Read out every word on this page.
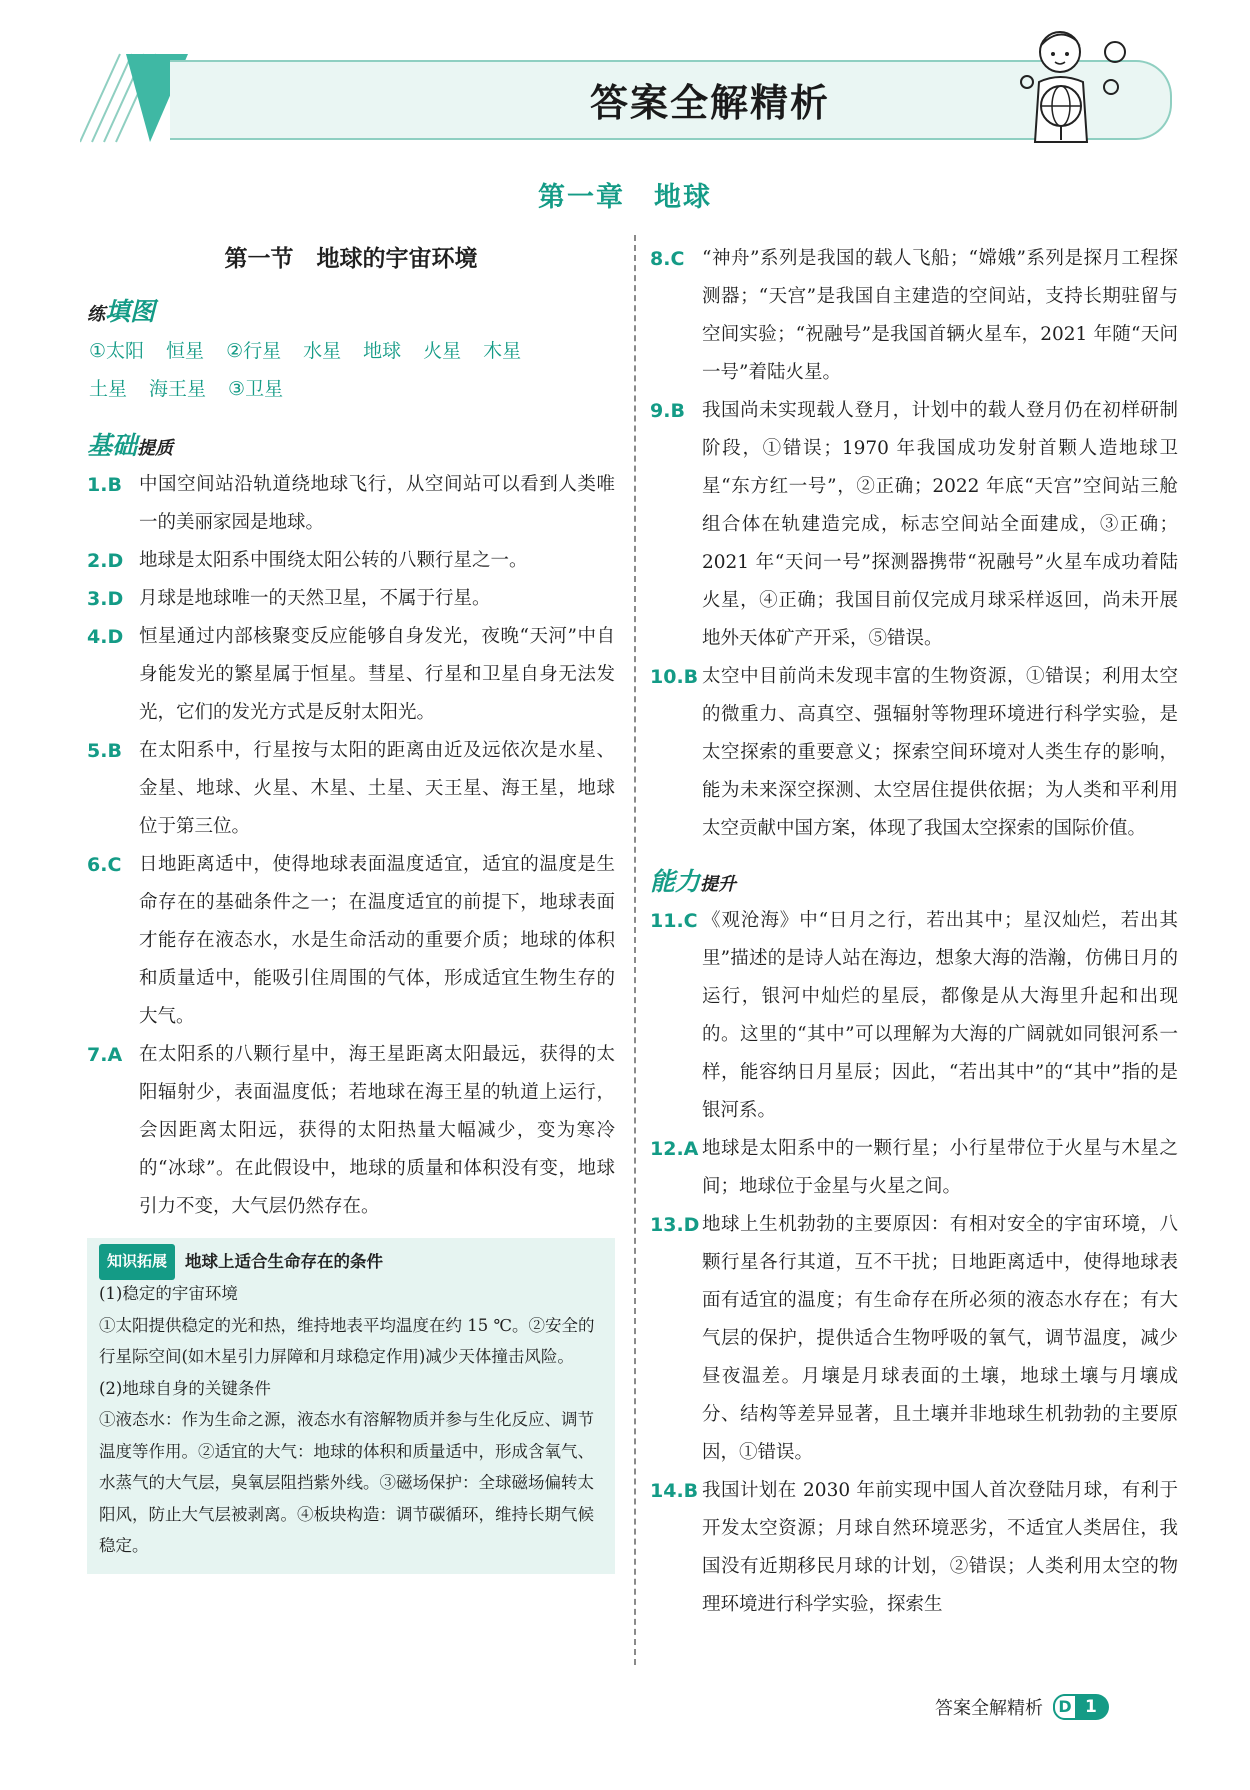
答案全解精析
第一章　地球
第一节　地球的宇宙环境
练填图
①太阳 恒星 ②行星 水星 地球 火星 木星
土星 海王星 ③卫星
基础提质
1.B 中国空间站沿轨道绕地球飞行，从空间站可以看到人类唯一的美丽家园是地球。
2.D 地球是太阳系中围绕太阳公转的八颗行星之一。
3.D 月球是地球唯一的天然卫星，不属于行星。
4.D 恒星通过内部核聚变反应能够自身发光，夜晚“天河”中自身能发光的繁星属于恒星。彗星、行星和卫星自身无法发光，它们的发光方式是反射太阳光。
5.B 在太阳系中，行星按与太阳的距离由近及远依次是水星、金星、地球、火星、木星、土星、天王星、海王星，地球位于第三位。
6.C 日地距离适中，使得地球表面温度适宜，适宜的温度是生命存在的基础条件之一；在温度适宜的前提下，地球表面才能存在液态水，水是生命活动的重要介质；地球的体积和质量适中，能吸引住周围的气体，形成适宜生物生存的大气。
7.A 在太阳系的八颗行星中，海王星距离太阳最远，获得的太阳辐射少，表面温度低；若地球在海王星的轨道上运行，会因距离太阳远，获得的太阳热量大幅减少，变为寒冷的“冰球”。在此假设中，地球的质量和体积没有变，地球引力不变，大气层仍然存在。
知识拓展	地球上适合生命存在的条件
(1)稳定的宇宙环境
①太阳提供稳定的光和热，维持地表平均温度在约 15 ℃。②安全的行星际空间(如木星引力屏障和月球稳定作用)减少天体撞击风险。
(2)地球自身的关键条件
①液态水：作为生命之源，液态水有溶解物质并参与生化反应、调节温度等作用。②适宜的大气：地球的体积和质量适中，形成含氧气、水蒸气的大气层，臭氧层阻挡紫外线。③磁场保护：全球磁场偏转太阳风，防止大气层被剥离。④板块构造：调节碳循环，维持长期气候稳定。
8.C “神舟”系列是我国的载人飞船；“嫦娥”系列是探月工程探测器；“天宫”是我国自主建造的空间站，支持长期驻留与空间实验；“祝融号”是我国首辆火星车，2021 年随“天问一号”着陆火星。
9.B 我国尚未实现载人登月，计划中的载人登月仍在初样研制阶段，①错误；1970 年我国成功发射首颗人造地球卫星“东方红一号”，②正确；2022 年底“天宫”空间站三舱组合体在轨建造完成，标志空间站全面建成，③正确；2021 年“天问一号”探测器携带“祝融号”火星车成功着陆火星，④正确；我国目前仅完成月球采样返回，尚未开展地外天体矿产开采，⑤错误。
10.B 太空中目前尚未发现丰富的生物资源，①错误；利用太空的微重力、高真空、强辐射等物理环境进行科学实验，是太空探索的重要意义；探索空间环境对人类生存的影响，能为未来深空探测、太空居住提供依据；为人类和平利用太空贡献中国方案，体现了我国太空探索的国际价值。
能力提升
11.C 《观沧海》中“日月之行，若出其中；星汉灿烂，若出其里”描述的是诗人站在海边，想象大海的浩瀚，仿佛日月的运行，银河中灿烂的星辰，都像是从大海里升起和出现的。这里的“其中”可以理解为大海的广阔就如同银河系一样，能容纳日月星辰；因此，“若出其中”的“其中”指的是银河系。
12.A 地球是太阳系中的一颗行星；小行星带位于火星与木星之间；地球位于金星与火星之间。
13.D 地球上生机勃勃的主要原因：有相对安全的宇宙环境，八颗行星各行其道，互不干扰；日地距离适中，使得地球表面有适宜的温度；有生命存在所必须的液态水存在；有大气层的保护，提供适合生物呼吸的氧气，调节温度，减少昼夜温差。月壤是月球表面的土壤，地球土壤与月壤成分、结构等差异显著，且土壤并非地球生机勃勃的主要原因，①错误。
14.B 我国计划在 2030 年前实现中国人首次登陆月球，有利于开发太空资源；月球自然环境恶劣，不适宜人类居住，我国没有近期移民月球的计划，②错误；人类利用太空的物理环境进行科学实验，探索生
答案全解精析 D 1
